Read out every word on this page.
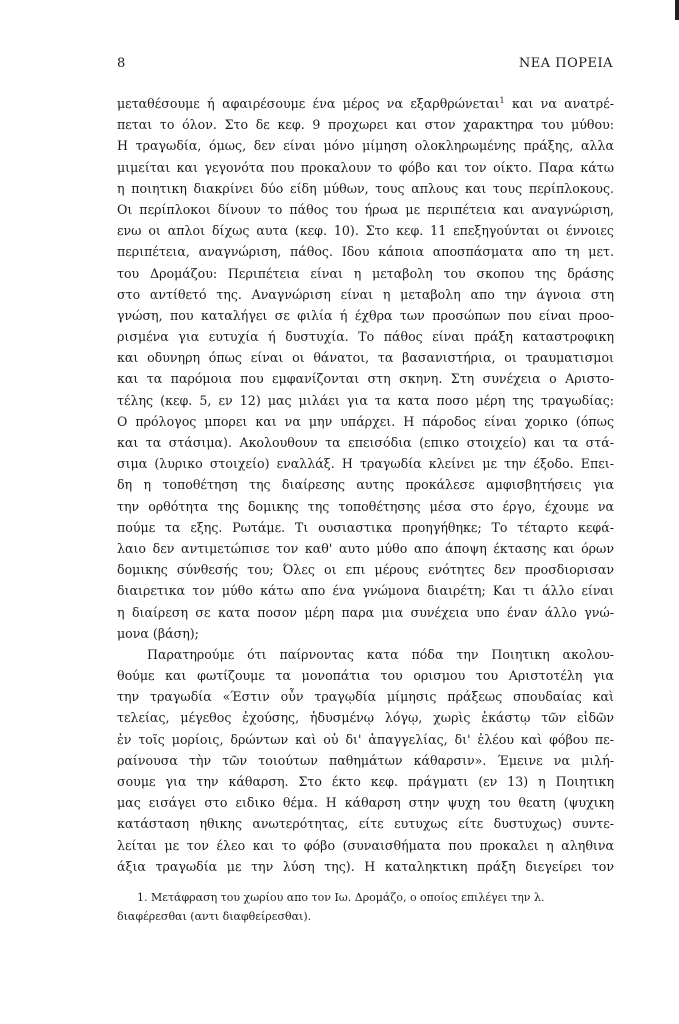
8	ΝΕΑ ΠΟΡΕΙΑ
μεταθέσουμε ή αφαιρέσουμε ένα μέρος να εξαρθρώνεται$^1$ και να ανατρέ-
πεται το όλον. Στο δε κεφ. 9 προχωρει και στον χαρακτηρα του μύθου:
Η τραγωδία, όμως, δεν είναι μόνο μίμηση ολοκληρωμένης πράξης, αλλα
μιμείται και γεγονότα που προκαλουν το φόβο και τον οίκτο. Παρα κάτω
η ποιητικη διακρίνει δύο είδη μύθων, τους απλους και τους περίπλοκους.
Οι περίπλοκοι δίνουν το πάθος του ήρωα με περιπέτεια και αναγνώριση,
ενω οι απλοι δίχως αυτα (κεφ. 10). Στο κεφ. 11 επεξηγούνται οι έννοιες
περιπέτεια, αναγνώριση, πάθος. Ιδου κάποια αποσπάσματα απο τη μετ.
του Δρομάζου: Περιπέτεια είναι η μεταβολη του σκοπου της δράσης
στο αντίθετό της. Αναγνώριση είναι η μεταβολη απο την άγνοια στη
γνώση, που καταλήγει σε φιλία ή έχθρα των προσώπων που είναι προο-
ρισμένα για ευτυχία ή δυστυχία. Το πάθος είναι πράξη καταστροφικη
και οδυνηρη όπως είναι οι θάνατοι, τα βασανιστήρια, οι τραυματισμοι
και τα παρόμοια που εμφανίζονται στη σκηνη. Στη συνέχεια ο Αριστο-
τέλης (κεφ. 5, εν 12) μας μιλάει για τα κατα ποσο μέρη της τραγωδίας:
Ο πρόλογος μπορει και να μην υπάρχει. Η πάροδος είναι χορικο (όπως
και τα στάσιμα). Ακολουθουν τα επεισόδια (επικο στοιχείο) και τα στά-
σιμα (λυρικο στοιχείο) εναλλάξ. Η τραγωδία κλείνει με την έξοδο. Επει-
δη η τοποθέτηση της διαίρεσης αυτης προκάλεσε αμφισβητήσεις για
την ορθότητα της δομικης της τοποθέτησης μέσα στο έργο, έχουμε να
πούμε τα εξης. Ρωτάμε. Τι ουσιαστικα προηγήθηκε; Το τέταρτο κεφά-
λαιο δεν αντιμετώπισε τον καθ' αυτο μύθο απο άποψη έκτασης και όρων
δομικης σύνθεσής του; Όλες οι επι μέρους ενότητες δεν προσδιορισαν
διαιρετικα τον μύθο κάτω απο ένα γνώμονα διαιρέτη; Και τι άλλο είναι
η διαίρεση σε κατα ποσον μέρη παρα μια συνέχεια υπο έναν άλλο γνώ-
μονα (βάση);
Παρατηρούμε ότι παίρνοντας κατα πόδα την Ποιητικη ακολου-
θούμε και φωτίζουμε τα μονοπάτια του ορισμου του Αριστοτέλη για
την τραγωδία «Έστιν οὖν τραγῳδία μίμησις πράξεως σπουδαίας καὶ
τελείας, μέγεθος ἐχούσης, ἡδυσμένῳ λόγῳ, χωρὶς ἑκάστῳ τῶν εἰδῶν
ἐν τοῖς μορίοις, δρώντων καὶ οὐ δι' ἀπαγγελίας, δι' ἐλέου καὶ φόβου πε-
ραίνουσα τὴν τῶν τοιούτων παθημάτων κάθαρσιν». Έμεινε να μιλή-
σουμε για την κάθαρση. Στο έκτο κεφ. πράγματι (εν 13) η Ποιητικη
μας εισάγει στο ειδικο θέμα. Η κάθαρση στην ψυχη του θεατη (ψυχικη
κατάσταση ηθικης ανωτερότητας, είτε ευτυχως είτε δυστυχως) συντε-
λείται με τον έλεο και το φόβο (συναισθήματα που προκαλει η αληθινα
άξια τραγωδία με την λύση της). Η καταληκτικη πράξη διεγείρει τον
1. Μετάφραση του χωρίου απο τον Ιω. Δρομάζο, ο οποίος επιλέγει την λ.
διαφέρεσθαι (αντι διαφθείρεσθαι).
